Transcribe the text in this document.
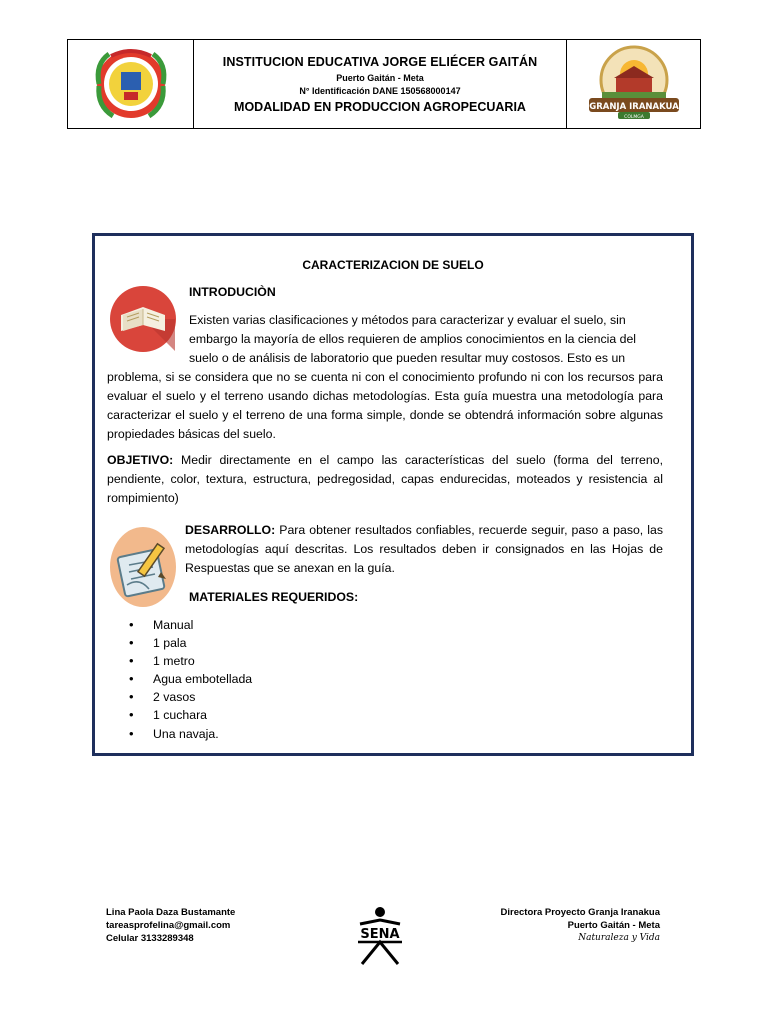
INSTITUCION EDUCATIVA JORGE ELIÉCER GAITÁN
Puerto Gaitán - Meta
N° Identificación DANE 150568000147
MODALIDAD EN PRODUCCION AGROPECUARIA	GRANJA IRANAKUA
COLMGA
CARACTERIZACION DE SUELO
INTRODUCIÒN
Existen varias clasificaciones y métodos para caracterizar y evaluar el suelo, sin
embargo la mayoría de ellos requieren de amplios conocimientos en la ciencia del
suelo o de análisis de laboratorio que pueden resultar muy costosos. Esto es un
problema, si se considera que no se cuenta ni con el conocimiento profundo ni con los recursos para evaluar el suelo y el terreno usando dichas metodologías. Esta guía muestra una metodología para caracterizar el suelo y el terreno de una forma simple, donde se obtendrá información sobre algunas propiedades básicas del suelo.
OBJETIVO: Medir directamente en el campo las características del suelo (forma del terreno, pendiente, color, textura, estructura, pedregosidad, capas endurecidas, moteados y resistencia al rompimiento)
DESARROLLO: Para obtener resultados confiables, recuerde seguir, paso a paso, las metodologías aquí descritas. Los resultados deben ir consignados en las Hojas de Respuestas que se anexan en la guía.
MATERIALES REQUERIDOS:
• Manual
• 1 pala
• 1 metro
• Agua embotellada
• 2 vasos
• 1 cuchara
• Una navaja.
Lina Paola Daza Bustamante
tareasprofelina@gmail.com
Celular 3133289348	SENA
Directora Proyecto Granja Iranakua
Puerto Gaitán - Meta
Naturaleza y Vida
